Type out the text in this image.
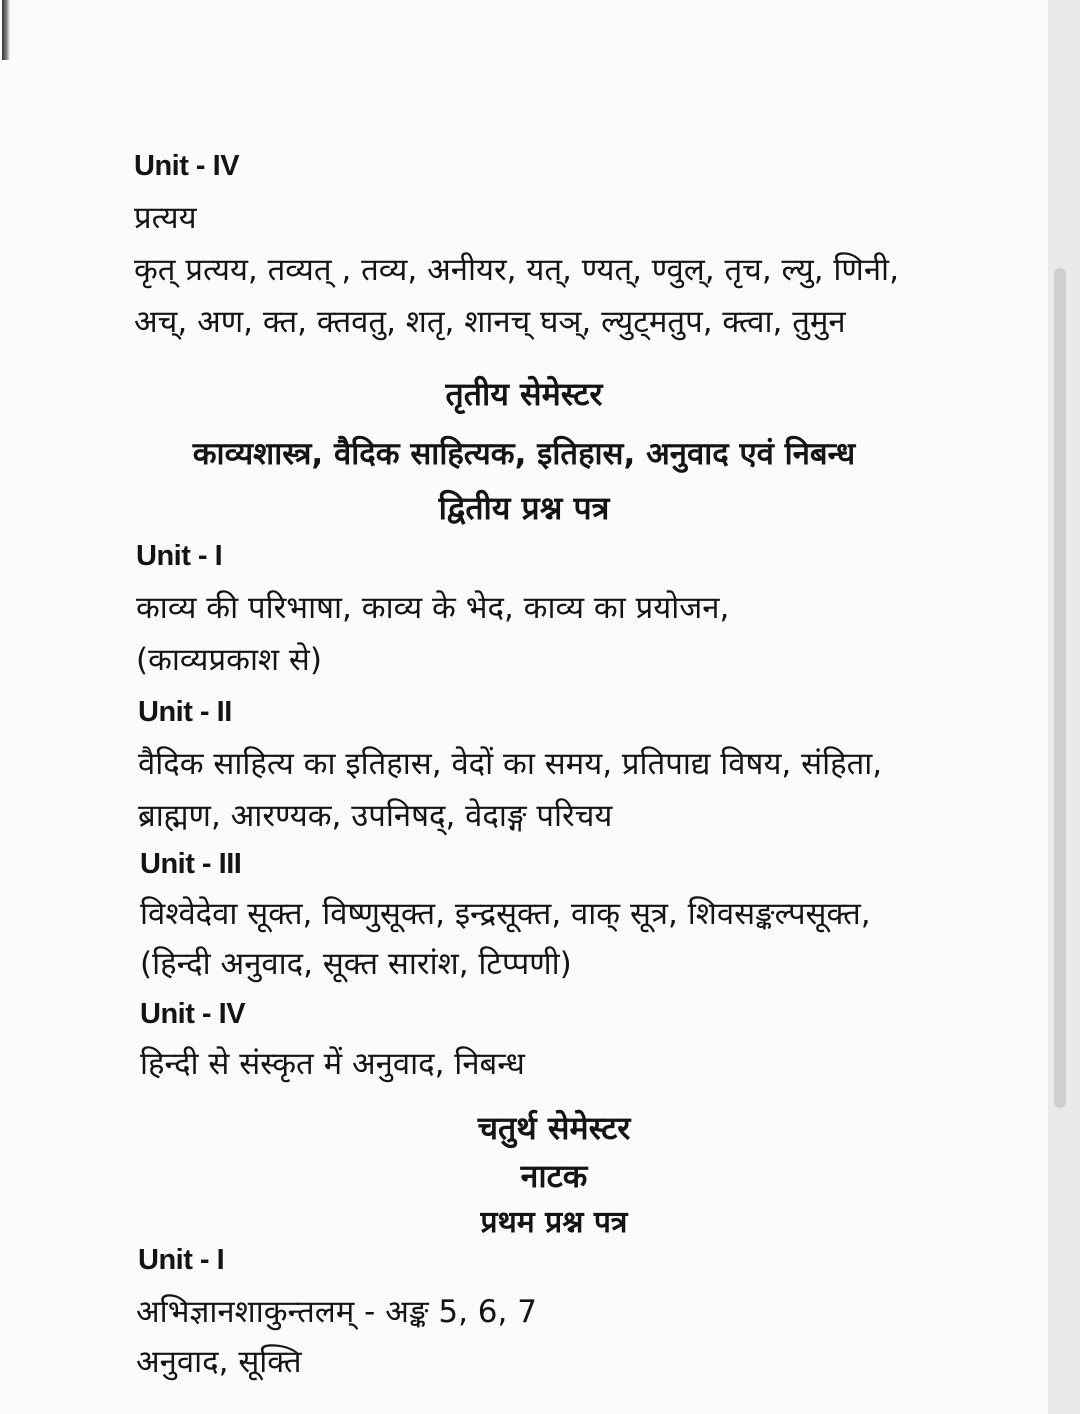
Unit - IV
प्रत्यय
कृत् प्रत्यय, तव्यत् , तव्य, अनीयर, यत्, ण्यत्, ण्वुल्, तृच, ल्यु, णिनी,
अच्, अण, क्त, क्तवतु, शतृ, शानच् घञ्, ल्युट्मतुप, क्त्वा, तुमुन
तृतीय सेमेस्टर
काव्यशास्त्र, वैदिक साहित्यक, इतिहास, अनुवाद एवं निबन्ध
द्वितीय प्रश्न पत्र
Unit - I
काव्य की परिभाषा, काव्य के भेद, काव्य का प्रयोजन,
(काव्यप्रकाश से)
Unit - II
वैदिक साहित्य का इतिहास, वेदों का समय, प्रतिपाद्य विषय, संहिता,
ब्राह्मण, आरण्यक, उपनिषद्, वेदाङ्ग परिचय
Unit - III
विश्वेदेवा सूक्त, विष्णुसूक्त, इन्द्रसूक्त, वाक् सूत्र, शिवसङ्कल्पसूक्त,
(हिन्दी अनुवाद, सूक्त सारांश, टिप्पणी)
Unit - IV
हिन्दी से संस्कृत में अनुवाद, निबन्ध
चतुर्थ सेमेस्टर
नाटक
प्रथम प्रश्न पत्र
Unit - I
अभिज्ञानशाकुन्तलम् - अङ्क 5, 6, 7
अनुवाद, सूक्ति
